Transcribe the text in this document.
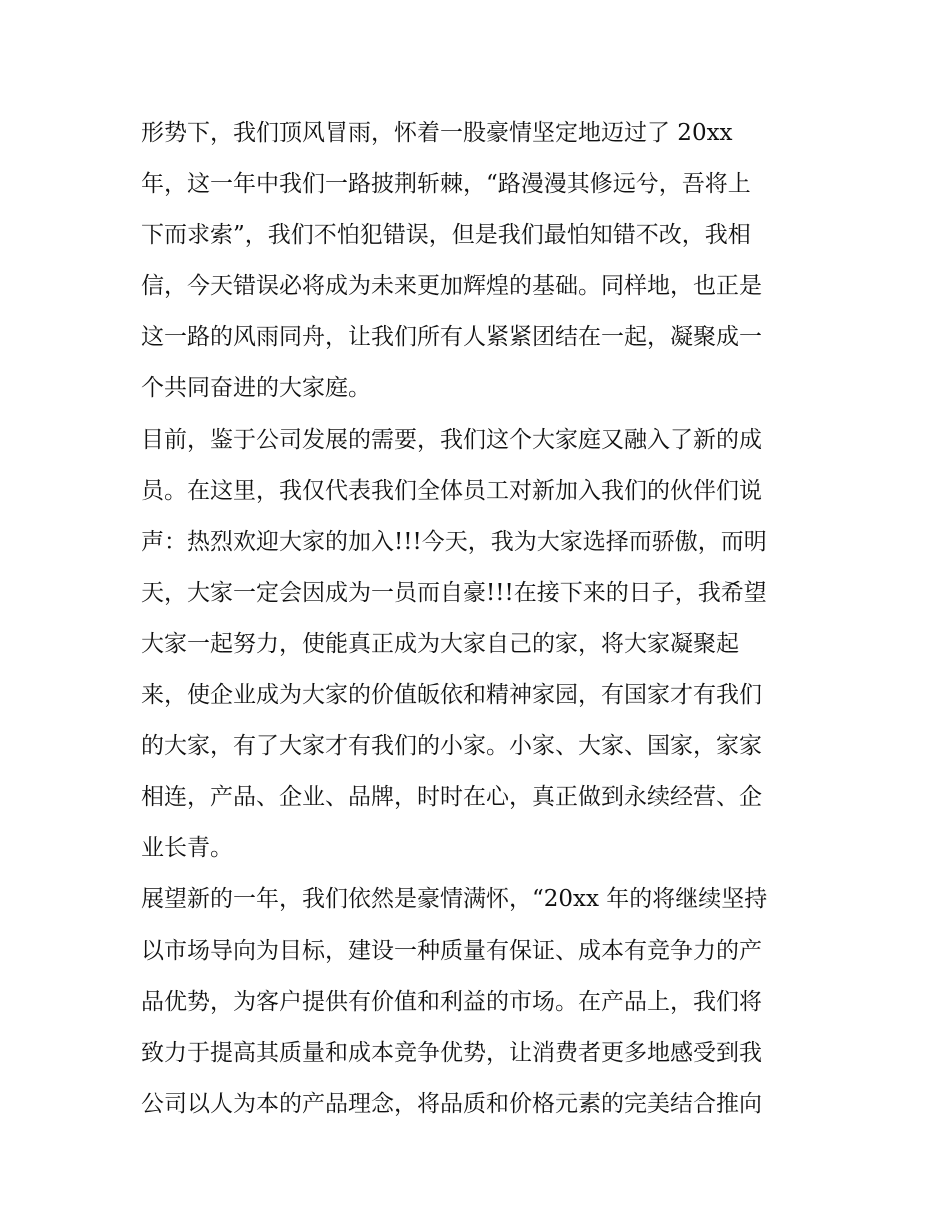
形势下，我们顶风冒雨，怀着一股豪情坚定地迈过了 20xx
年，这一年中我们一路披荆斩棘，“路漫漫其修远兮，吾将上
下而求索”，我们不怕犯错误，但是我们最怕知错不改，我相
信，今天错误必将成为未来更加辉煌的基础。同样地，也正是
这一路的风雨同舟，让我们所有人紧紧团结在一起，凝聚成一
个共同奋进的大家庭。
目前，鉴于公司发展的需要，我们这个大家庭又融入了新的成
员。在这里，我仅代表我们全体员工对新加入我们的伙伴们说
声：热烈欢迎大家的加入!!!今天，我为大家选择而骄傲，而明
天，大家一定会因成为一员而自豪!!!在接下来的日子，我希望
大家一起努力，使能真正成为大家自己的家，将大家凝聚起
来，使企业成为大家的价值皈依和精神家园，有国家才有我们
的大家，有了大家才有我们的小家。小家、大家、国家，家家
相连，产品、企业、品牌，时时在心，真正做到永续经营、企
业长青。
展望新的一年，我们依然是豪情满怀，“20xx 年的将继续坚持
以市场导向为目标，建设一种质量有保证、成本有竞争力的产
品优势，为客户提供有价值和利益的市场。在产品上，我们将
致力于提高其质量和成本竞争优势，让消费者更多地感受到我
公司以人为本的产品理念，将品质和价格元素的完美结合推向
